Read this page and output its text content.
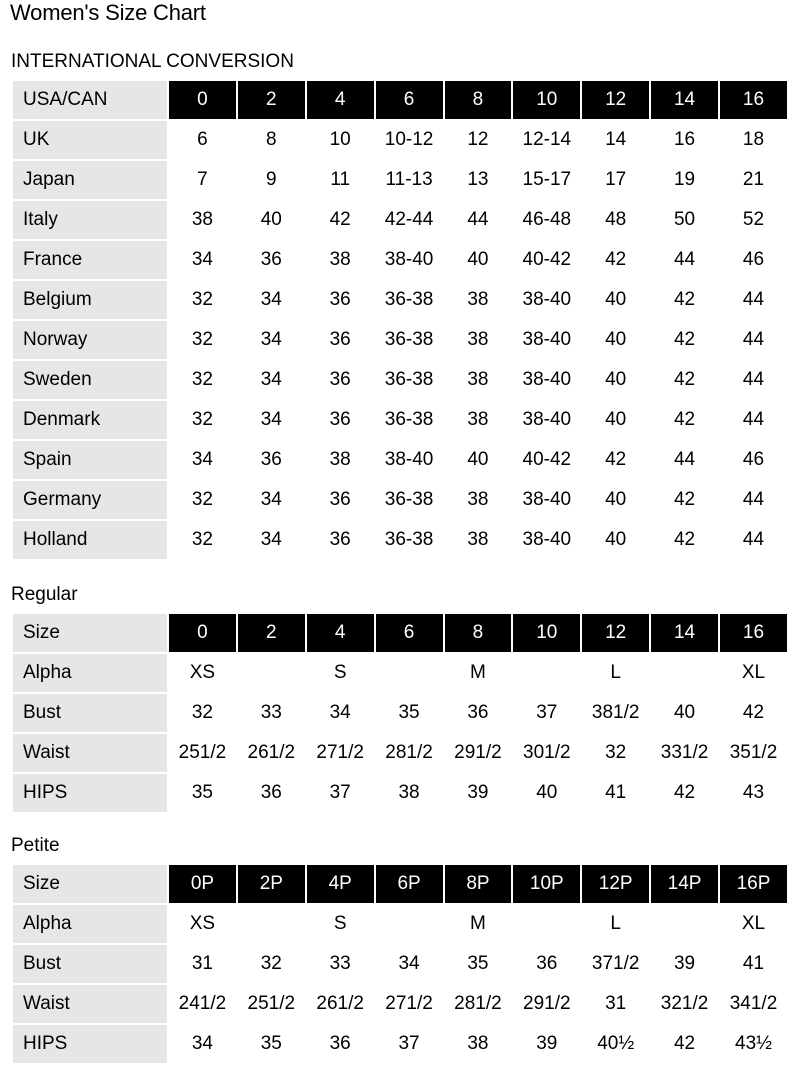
Women's Size Chart
INTERNATIONAL CONVERSION
USA/CAN	0	2	4	6	8	10	12	14	16
UK	6	8	10	10-12	12	12-14	14	16	18
Japan	7	9	11	11-13	13	15-17	17	19	21
Italy	38	40	42	42-44	44	46-48	48	50	52
France	34	36	38	38-40	40	40-42	42	44	46
Belgium	32	34	36	36-38	38	38-40	40	42	44
Norway	32	34	36	36-38	38	38-40	40	42	44
Sweden	32	34	36	36-38	38	38-40	40	42	44
Denmark	32	34	36	36-38	38	38-40	40	42	44
Spain	34	36	38	38-40	40	40-42	42	44	46
Germany	32	34	36	36-38	38	38-40	40	42	44
Holland	32	34	36	36-38	38	38-40	40	42	44
Regular
Size	0	2	4	6	8	10	12	14	16
Alpha	XS		S		M		L		XL
Bust	32	33	34	35	36	37	381/2	40	42
Waist	251/2	261/2	271/2	281/2	291/2	301/2	32	331/2	351/2
HIPS	35	36	37	38	39	40	41	42	43
Petite
Size	0P	2P	4P	6P	8P	10P	12P	14P	16P
Alpha	XS		S		M		L		XL
Bust	31	32	33	34	35	36	371/2	39	41
Waist	241/2	251/2	261/2	271/2	281/2	291/2	31	321/2	341/2
HIPS	34	35	36	37	38	39	40½	42	43½
